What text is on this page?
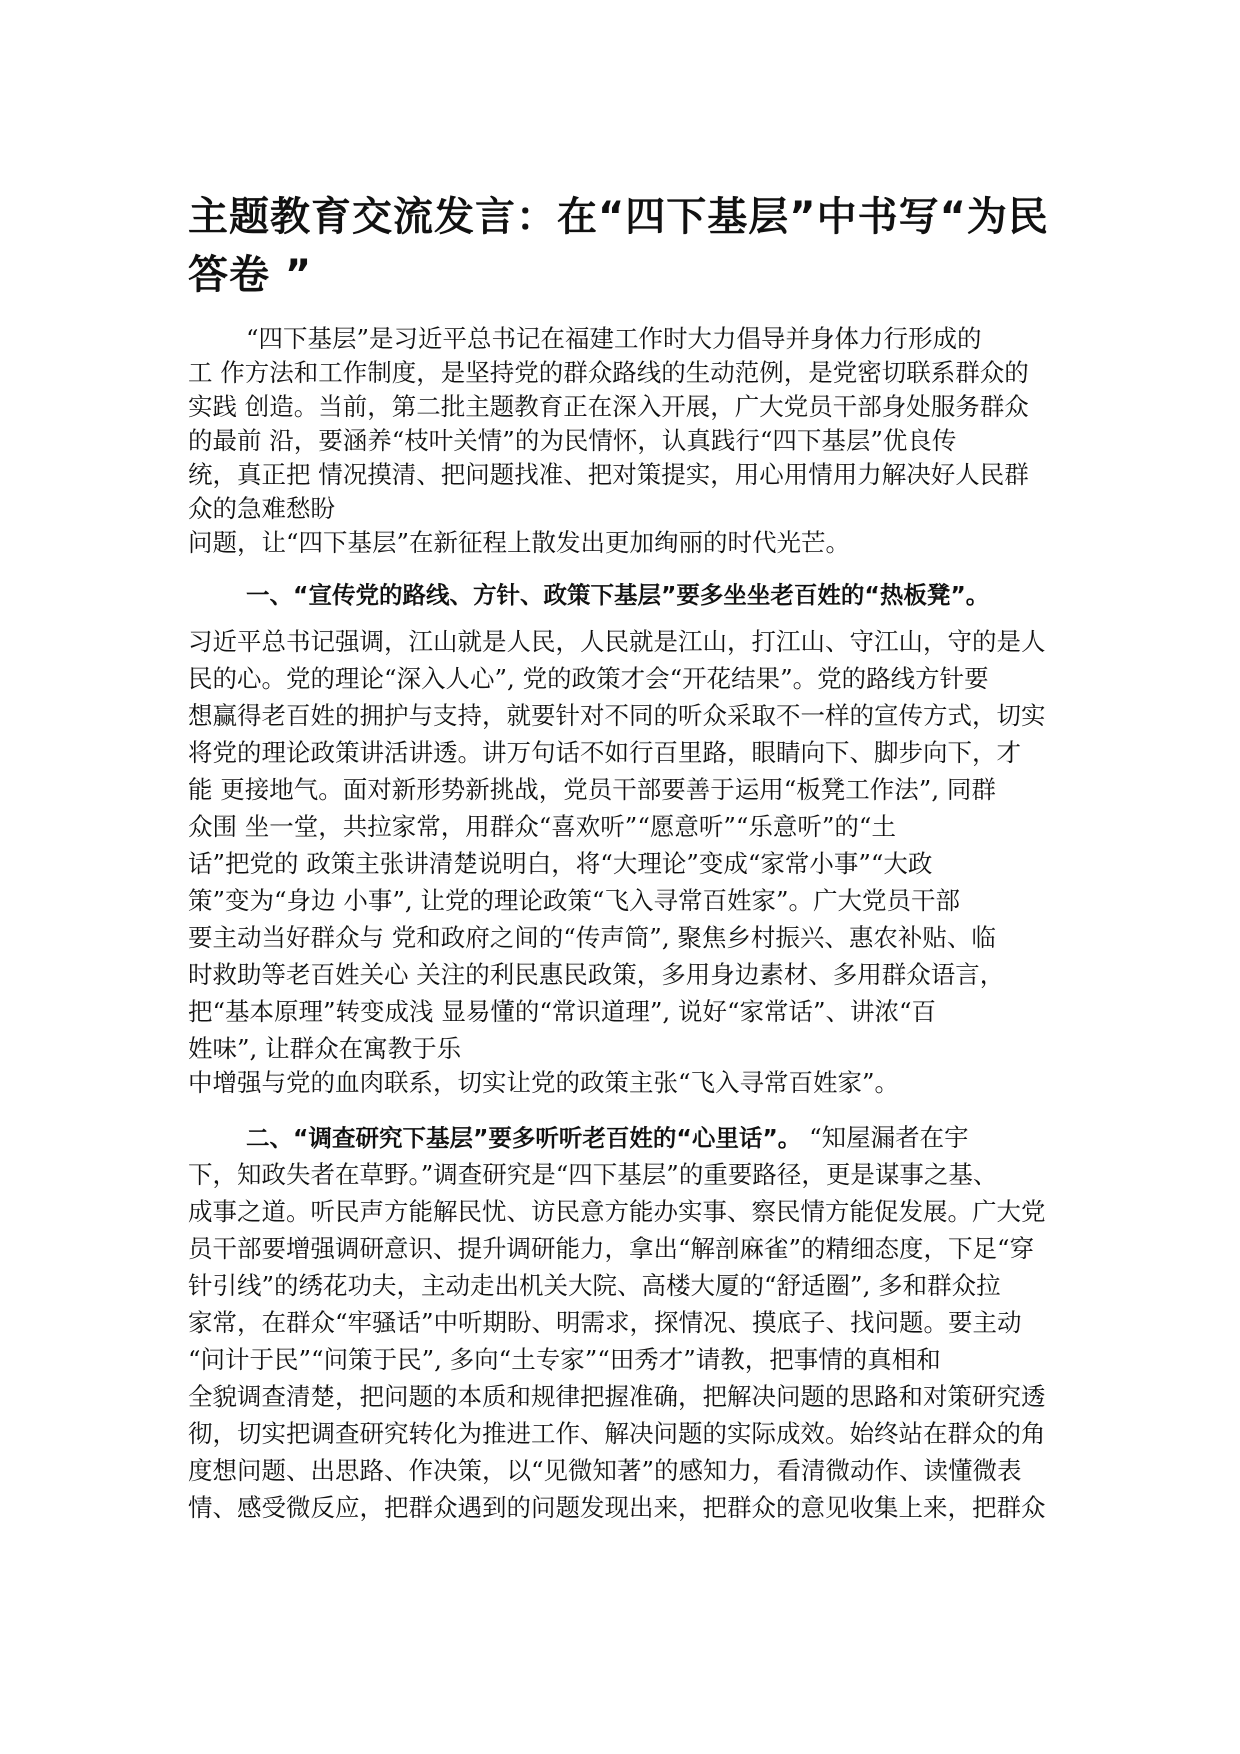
主题教育交流发言：在“四下基层”中书写“为民答卷 ”

“四下基层”是习近平总书记在福建工作时大力倡导并身体力行形成的

工 作方法和工作制度，是坚持党的群众路线的生动范例，是党密切联系群众的

实践 创造。当前，第二批主题教育正在深入开展，广大党员干部身处服务群众

的最前 沿，要涵养“枝叶关情”的为民情怀，认真践行“四下基层”优良传

统，真正把 情况摸清、把问题找准、把对策提实，用心用情用力解决好人民群

众的急难愁盼

问题，让“四下基层”在新征程上散发出更加绚丽的时代光芒。

一、“宣传党的路线、方针、政策下基层”要多坐坐老百姓的“热板凳”。

习近平总书记强调，江山就是人民，人民就是江山，打江山、守江山，守的是人

民的心。党的理论“深入人心”, 党的政策才会“开花结果”。党的路线方针要

想赢得老百姓的拥护与支持，就要针对不同的听众采取不一样的宣传方式，切实

将党的理论政策讲活讲透。讲万句话不如行百里路，眼睛向下、脚步向下，才

能 更接地气。面对新形势新挑战，党员干部要善于运用“板凳工作法”, 同群

众围 坐一堂，共拉家常，用群众“喜欢听”“愿意听”“乐意听”的“土

话”把党的 政策主张讲清楚说明白，将“大理论”变成“家常小事”“大政

策”变为“身边 小事”, 让党的理论政策“飞入寻常百姓家”。广大党员干部

要主动当好群众与 党和政府之间的“传声筒”, 聚焦乡村振兴、惠农补贴、临

时救助等老百姓关心 关注的利民惠民政策，多用身边素材、多用群众语言，

把“基本原理”转变成浅 显易懂的“常识道理”, 说好“家常话”、讲浓“百

姓味”, 让群众在寓教于乐

中增强与党的血肉联系，切实让党的政策主张“飞入寻常百姓家”。

二、“调查研究下基层”要多听听老百姓的“心里话”。 “知屋漏者在宇

下，知政失者在草野。”调查研究是“四下基层”的重要路径，更是谋事之基、

成事之道。听民声方能解民忧、访民意方能办实事、察民情方能促发展。广大党

员干部要增强调研意识、提升调研能力，拿出“解剖麻雀”的精细态度，下足“穿

针引线”的绣花功夫，主动走出机关大院、高楼大厦的“舒适圈”, 多和群众拉

家常，在群众“牢骚话”中听期盼、明需求，探情况、摸底子、找问题。要主动

“问计于民”“问策于民”, 多向“土专家”“田秀才”请教，把事情的真相和

全貌调查清楚，把问题的本质和规律把握准确，把解决问题的思路和对策研究透

彻，切实把调查研究转化为推进工作、解决问题的实际成效。始终站在群众的角

度想问题、出思路、作决策，以“见微知著”的感知力，看清微动作、读懂微表

情、感受微反应，把群众遇到的问题发现出来，把群众的意见收集上来，把群众
